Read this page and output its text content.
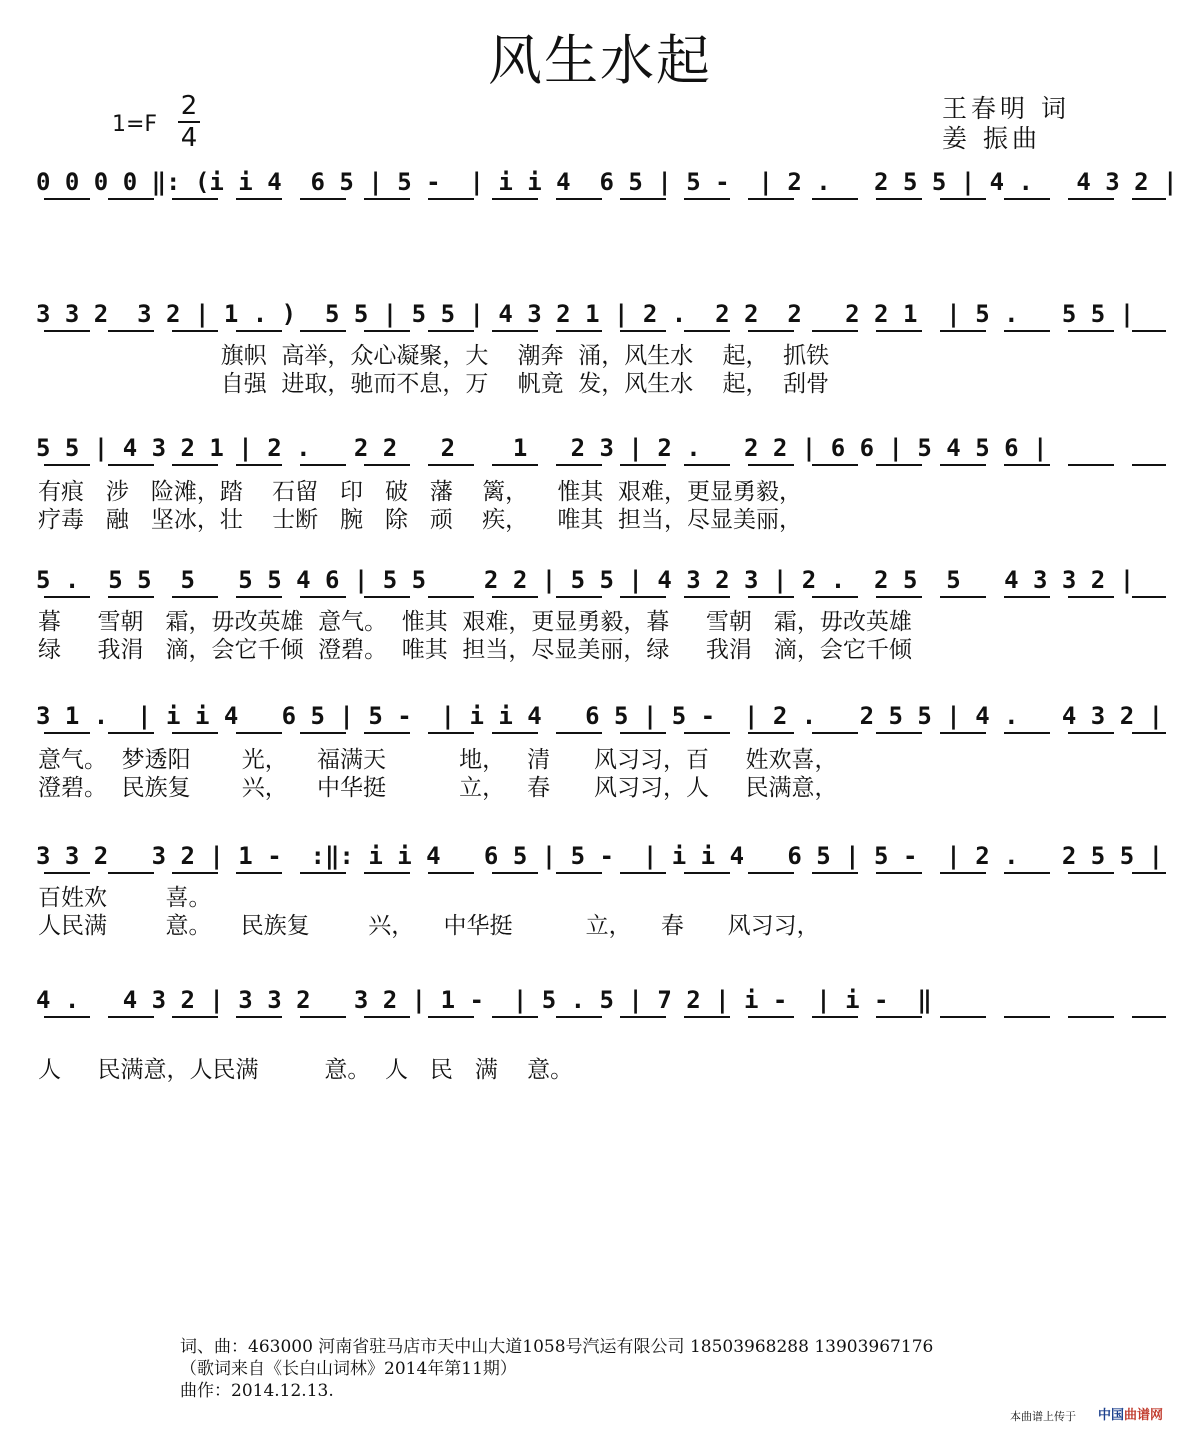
风生水起
1=F
2
4
王春明 词
姜 振曲
0 0 0 0 ‖: (i i 4  6 5 | 5 -  | i i 4  6 5 | 5 -  | 2 .   2 5 5 | 4 .   4 3 2 |
3 3 2  3 2 | 1 . )  5 5 | 5 5 | 4 3 2 1 | 2 .  2 2  2   2 2 1  | 5 .   5 5 |
旗帜  高举，众心凝聚，大    潮奔  涌，风生水    起，  抓铁
自强  进取，驰而不息，万    帆竟  发，风生水    起，  刮骨
5 5 | 4 3 2 1 | 2 .   2 2   2    1   2 3 | 2 .   2 2 | 6 6 | 5 4 5 6 |
有痕   涉   险滩，踏    石留   印   破   藩    篱，    惟其  艰难，更显勇毅，
疗毒   融   坚冰，壮    士断   腕   除   顽    疾，    唯其  担当，尽显美丽，
5 .  5 5  5   5 5 4 6 | 5 5    2 2 | 5 5 | 4 3 2 3 | 2 .  2 5  5   4 3 3 2 |
暮     雪朝   霜，毋改英雄  意气。  惟其  艰难，更显勇毅，暮     雪朝   霜，毋改英雄
绿     我涓   滴，会它千倾  澄碧。  唯其  担当，尽显美丽，绿     我涓   滴，会它千倾
3 1 .  | i i 4   6 5 | 5 -  | i i 4   6 5 | 5 -  | 2 .   2 5 5 | 4 .   4 3 2 |
意气。  梦透阳       光，    福满天          地，   清      风习习，百     姓欢喜，
澄碧。  民族复       兴，    中华挺          立，   春      风习习，人     民满意，
3 3 2   3 2 | 1 -  :‖: i i 4   6 5 | 5 -  | i i 4   6 5 | 5 -  | 2 .   2 5 5 |
百姓欢        喜。
人民满        意。    民族复        兴，    中华挺          立，    春      风习习，
4 .   4 3 2 | 3 3 2   3 2 | 1 -  | 5 . 5 | 7 2 | i -  | i -  ‖
人     民满意，人民满         意。  人   民   满    意。
词、曲：463000 河南省驻马店市天中山大道1058号汽运有限公司 18503968288 13903967176
（歌词来自《长白山词林》2014年第11期）
曲作：2014.12.13.
本曲谱上传于 中国曲谱网
